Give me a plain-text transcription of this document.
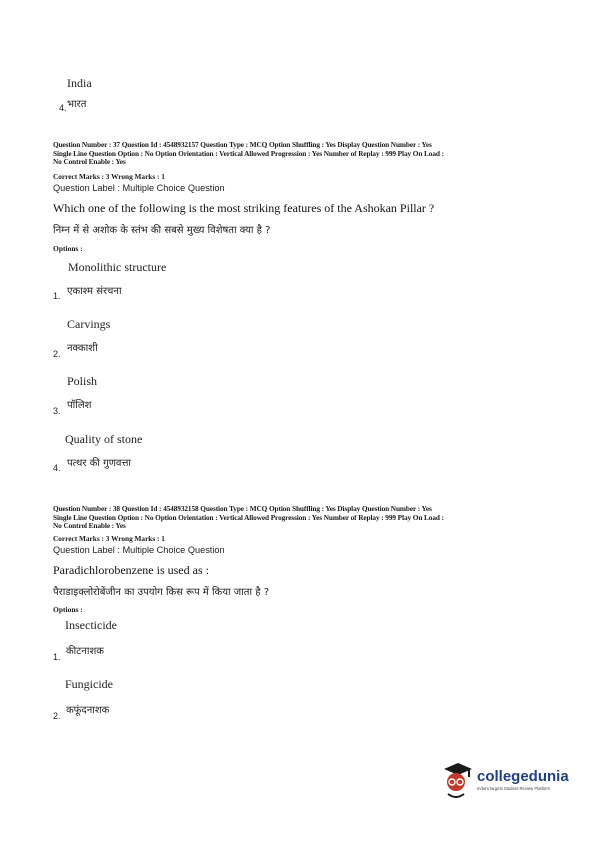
India
4. भारत
Question Number : 37 Question Id : 4548932157 Question Type : MCQ Option Shuffling : Yes Display Question Number : Yes
Single Line Question Option : No Option Orientation : Vertical Allowed Progression : Yes Number of Replay : 999 Play On Load :
No Control Enable : Yes
Correct Marks : 3 Wrong Marks : 1
Question Label : Multiple Choice Question
Which one of the following is the most striking features of the Ashokan Pillar ?
निम्न में से अशोक के स्तंभ की सबसे मुख्य विशेषता क्या है ?
Options :
Monolithic structure
1. एकाश्म संरचना
Carvings
2. नक्काशी
Polish
3. पॉलिश
Quality of stone
4. पत्थर की गुणवत्ता
Question Number : 38 Question Id : 4548932158 Question Type : MCQ Option Shuffling : Yes Display Question Number : Yes
Single Line Question Option : No Option Orientation : Vertical Allowed Progression : Yes Number of Replay : 999 Play On Load :
No Control Enable : Yes
Correct Marks : 3 Wrong Marks : 1
Question Label : Multiple Choice Question
Paradichlorobenzene is used as :
पैराडाइक्लोरोबेंजीन का उपयोग किस रूप में किया जाता है ?
Options :
Insecticide
1. कीटनाशक
Fungicide
2. कफूंदनाशक
collegedunia
India's largest Student Review Platform
